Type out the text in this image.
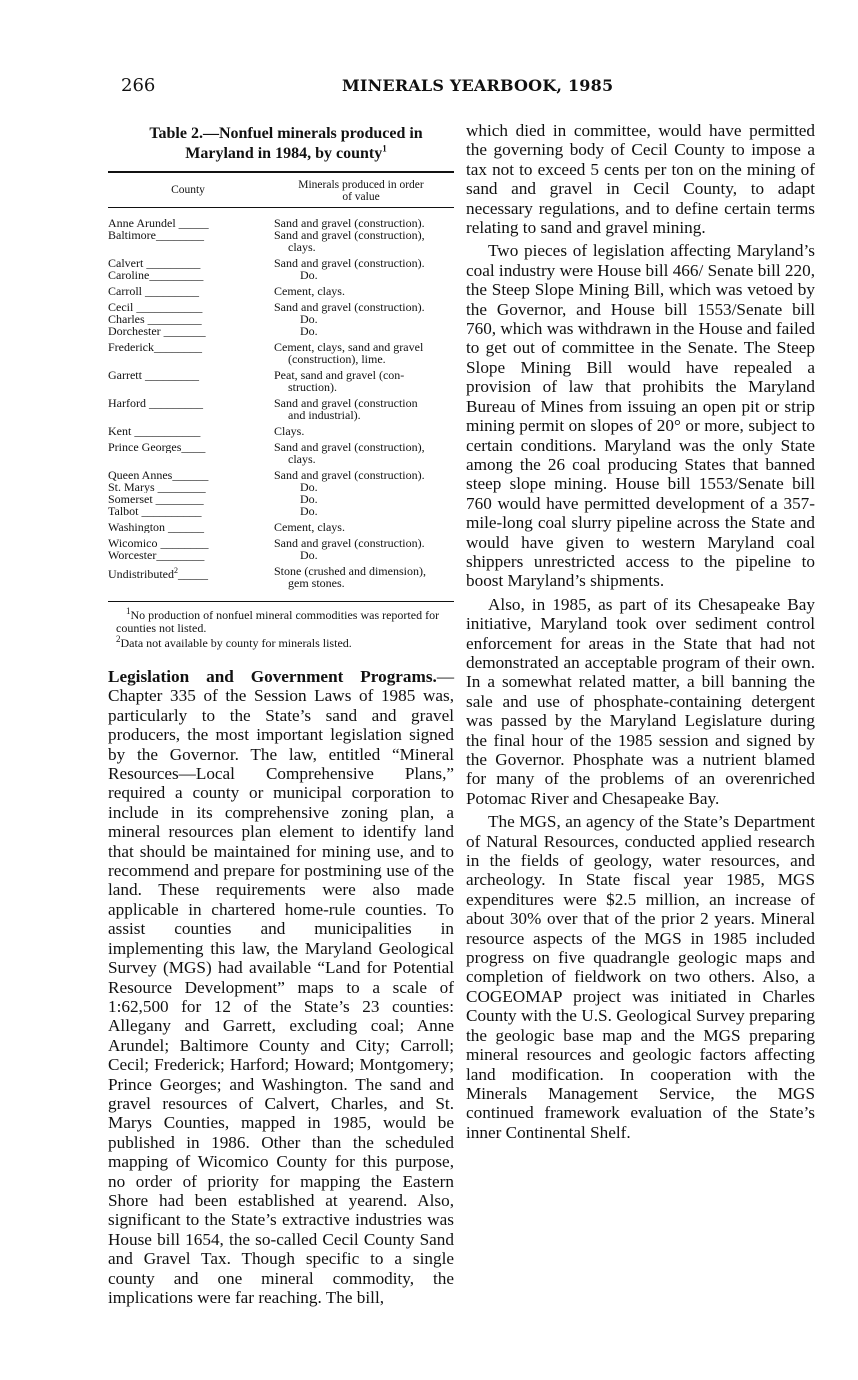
266	MINERALS YEARBOOK, 1985
Table 2.—Nonfuel minerals produced in
Maryland in 1984, by county$^1$
County	Minerals produced in order
of value
Anne Arundel _____	Sand and gravel (construction).
Baltimore________	Sand and gravel (construction),
clays.
Calvert _________	Sand and gravel (construction).
Caroline_________	Do.
Carroll _________	Cement, clays.
Cecil ___________	Sand and gravel (construction).
Charles _________	Do.
Dorchester _______	Do.
Frederick________	Cement, clays, sand and gravel
(construction), lime.
Garrett _________	Peat, sand and gravel (con-
struction).
Harford _________	Sand and gravel (construction
and industrial).
Kent ___________	Clays.
Prince Georges____	Sand and gravel (construction),
clays.
Queen Annes______	Sand and gravel (construction).
St. Marys ________	Do.
Somerset ________	Do.
Talbot __________	Do.
Washington ______	Cement, clays.
Wicomico ________	Sand and gravel (construction).
Worcester________	Do.
Undistributed$^2$_____	Stone (crushed and dimension),
gem stones.

$^1$No production of nonfuel mineral commodities was reported for counties not listed.

$^2$Data not available by county for minerals listed.

Legislation and Government Programs.—Chapter 335 of the Session Laws of 1985 was, particularly to the State’s sand and gravel producers, the most important legislation signed by the Governor. The law, entitled “Mineral Resources—Local Comprehensive Plans,” required a county or municipal corporation to include in its comprehensive zoning plan, a mineral resources plan element to identify land that should be maintained for mining use, and to recommend and prepare for postmining use of the land. These requirements were also made applicable in chartered home-rule counties. To assist counties and municipalities in implementing this law, the Maryland Geological Survey (MGS) had available “Land for Potential Resource Development” maps to a scale of 1:62,500 for 12 of the State’s 23 counties: Allegany and Garrett, excluding coal; Anne Arundel; Baltimore County and City; Carroll; Cecil; Frederick; Harford; Howard; Montgomery; Prince Georges; and Washington. The sand and gravel resources of Calvert, Charles, and St. Marys Counties, mapped in 1985, would be published in 1986. Other than the scheduled mapping of Wicomico County for this purpose, no order of priority for mapping the Eastern Shore had been established at yearend. Also, significant to the State’s extractive industries was House bill 1654, the so-called Cecil County Sand and Gravel Tax. Though specific to a single county and one mineral commodity, the implications were far reaching. The bill,

which died in committee, would have permitted the governing body of Cecil County to impose a tax not to exceed 5 cents per ton on the mining of sand and gravel in Cecil County, to adapt necessary regulations, and to define certain terms relating to sand and gravel mining.

Two pieces of legislation affecting Maryland’s coal industry were House bill 466/ Senate bill 220, the Steep Slope Mining Bill, which was vetoed by the Governor, and House bill 1553/Senate bill 760, which was withdrawn in the House and failed to get out of committee in the Senate. The Steep Slope Mining Bill would have repealed a provision of law that prohibits the Maryland Bureau of Mines from issuing an open pit or strip mining permit on slopes of 20° or more, subject to certain conditions. Maryland was the only State among the 26 coal producing States that banned steep slope mining. House bill 1553/Senate bill 760 would have permitted development of a 357-mile-long coal slurry pipeline across the State and would have given to western Maryland coal shippers unrestricted access to the pipeline to boost Maryland’s shipments.

Also, in 1985, as part of its Chesapeake Bay initiative, Maryland took over sediment control enforcement for areas in the State that had not demonstrated an acceptable program of their own. In a somewhat related matter, a bill banning the sale and use of phosphate-containing detergent was passed by the Maryland Legislature during the final hour of the 1985 session and signed by the Governor. Phosphate was a nutrient blamed for many of the problems of an overenriched Potomac River and Chesapeake Bay.

The MGS, an agency of the State’s Department of Natural Resources, conducted applied research in the fields of geology, water resources, and archeology. In State fiscal year 1985, MGS expenditures were $2.5 million, an increase of about 30% over that of the prior 2 years. Mineral resource aspects of the MGS in 1985 included progress on five quadrangle geologic maps and completion of fieldwork on two others. Also, a COGEOMAP project was initiated in Charles County with the U.S. Geological Survey preparing the geologic base map and the MGS preparing mineral resources and geologic factors affecting land modification. In cooperation with the Minerals Management Service, the MGS continued framework evaluation of the State’s inner Continental Shelf.
